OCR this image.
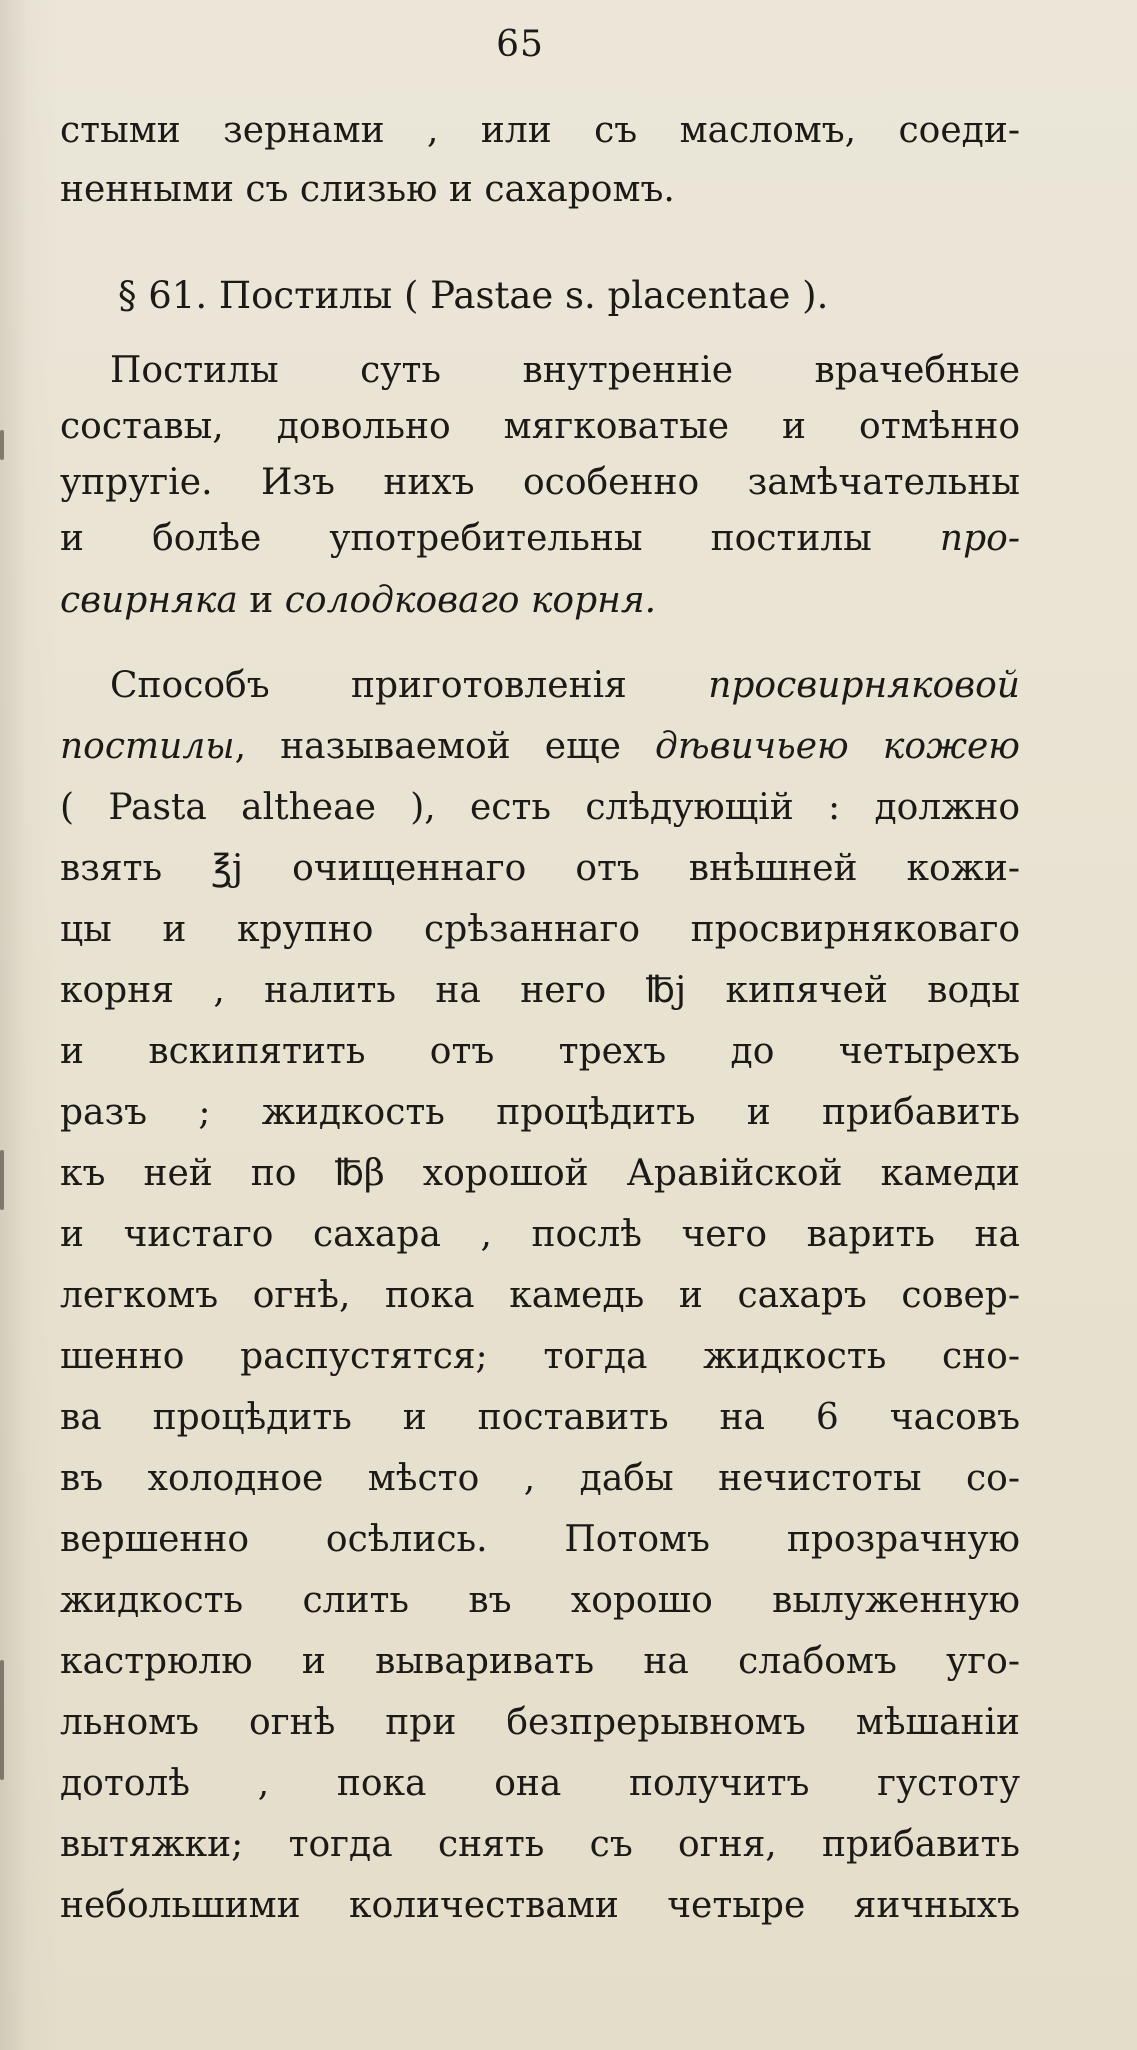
65
стыми зернами , или съ масломъ, соеди-
ненными съ слизью и сахаромъ.
§ 61. Постилы ( Pastae s. placentae ).
Постилы суть внутренніе врачебные
составы, довольно мягковатые и отмѣнно
упругіе. Изъ нихъ особенно замѣчательны
и болѣе употребительны постилы про-
свирняка и солодковаго корня.
Способъ приготовленія просвирняковой
постилы, называемой еще дѣвичьею кожею
( Pasta altheae ), есть слѣдующій : должно
взять ℥j очищеннаго отъ внѣшней кожи-
цы и крупно срѣзаннаго просвирняковаго
корня , налить на него ℔j кипячей воды
и вскипятить отъ трехъ до четырехъ
разъ ; жидкость процѣдить и прибавить
къ ней по ℔β хорошой Аравійской камеди
и чистаго сахара , послѣ чего варить на
легкомъ огнѣ, пока камедь и сахаръ совер-
шенно распустятся; тогда жидкость сно-
ва процѣдить и поставить на 6 часовъ
въ холодное мѣсто , дабы нечистоты со-
вершенно осѣлись. Потомъ прозрачную
жидкость слить въ хорошо вылуженную
кастрюлю и вываривать на слабомъ уго-
льномъ огнѣ при безпрерывномъ мѣшаніи
дотолѣ , пока она получитъ густоту
вытяжки; тогда снять съ огня, прибавить
небольшими количествами четыре яичныхъ
